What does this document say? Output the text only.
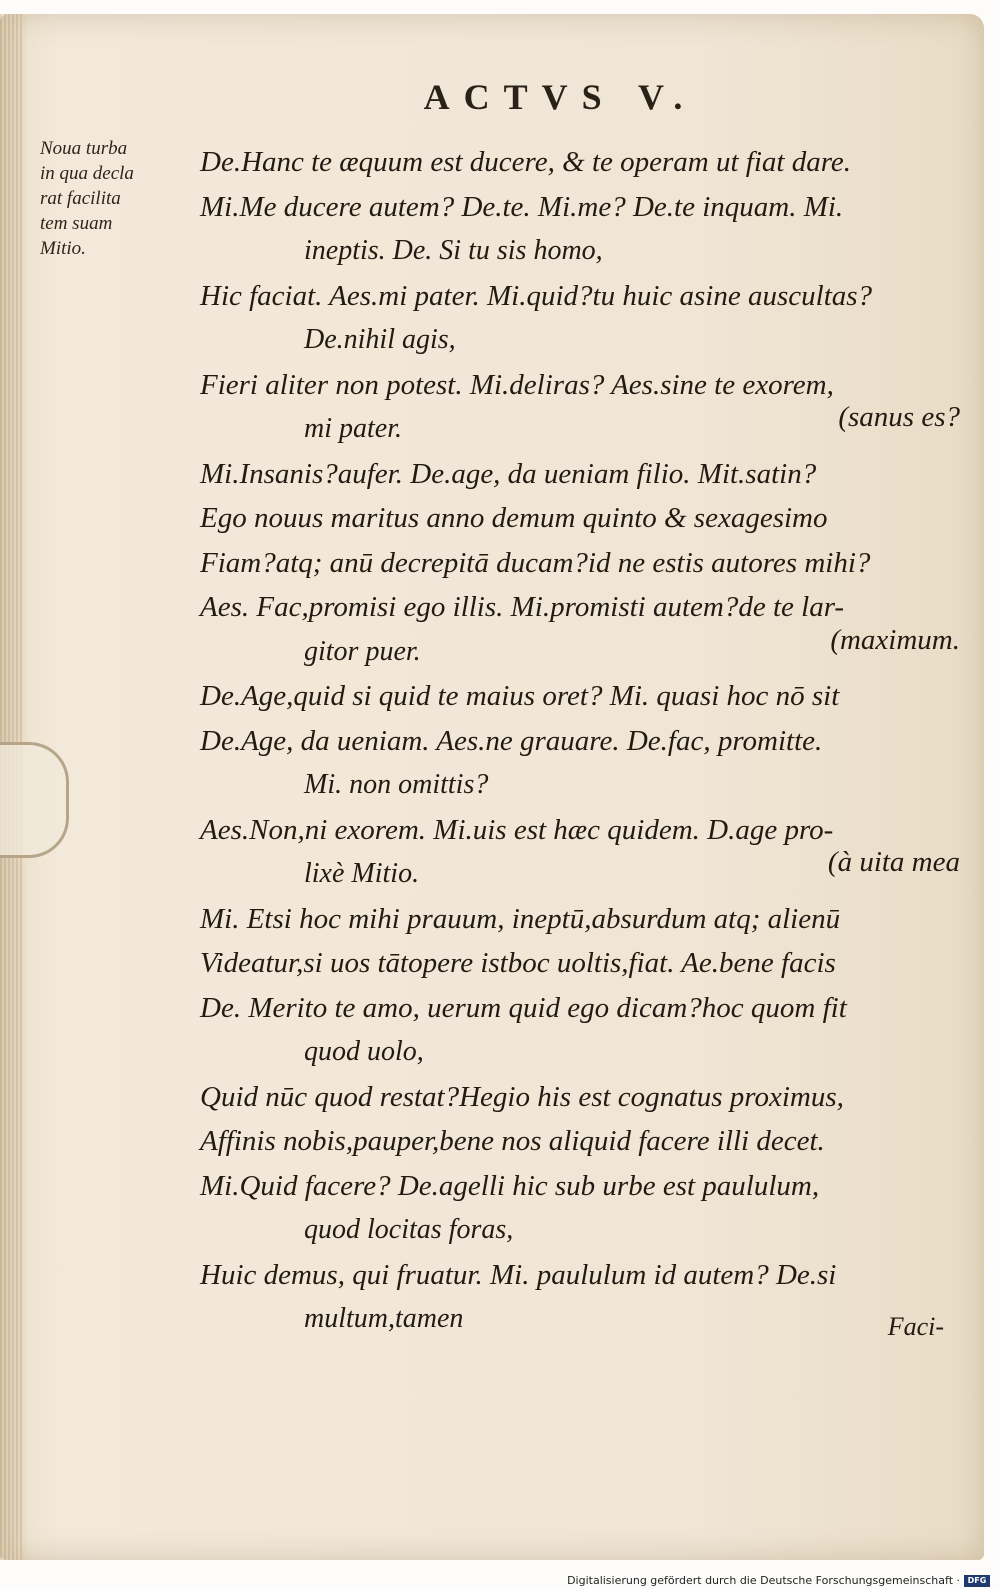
ACTVS V.
Noua turba
in qua decla
rat facilita
tem suam
Mitio.
De.Hanc te æquum est ducere, & te operam ut fiat dare.
Mi.Me ducere autem? De.te. Mi.me? De.te inquam. Mi.
ineptis. De. Si tu sis homo,
Hic faciat. Aes.mi pater. Mi.quid?tu huic asine auscultas?
De.nihil agis,
Fieri aliter non potest. Mi.deliras? Aes.sine te exorem,
mi pater.	(sanus es?
Mi.Insanis?aufer. De.age, da ueniam filio. Mit.satin?
Ego nouus maritus anno demum quinto & sexagesimo
Fiam?atq; anū decrepitā ducam?id ne estis autores mihi?
Aes. Fac,promisi ego illis. Mi.promisti autem?de te lar-
gitor puer.	(maximum.
De.Age,quid si quid te maius oret? Mi. quasi hoc nō sit
De.Age, da ueniam. Aes.ne grauare. De.fac, promitte.
Mi. non omittis?
Aes.Non,ni exorem. Mi.uis est hæc quidem. D.age pro-
lixè Mitio.	(à uita mea
Mi. Etsi hoc mihi prauum, ineptū,absurdum atq; alienū
Videatur,si uos tātopere istboc uoltis,fiat. Ae.bene facis
De. Merito te amo, uerum quid ego dicam?hoc quom fit
quod uolo,
Quid nūc quod restat?Hegio his est cognatus proximus,
Affinis nobis,pauper,bene nos aliquid facere illi decet.
Mi.Quid facere? De.agelli hic sub urbe est paululum,
quod locitas foras,
Huic demus, qui fruatur. Mi. paululum id autem? De.si
multum,tamen	Faci-
Digitalisierung gefördert durch die Deutsche Forschungsgemeinschaft · DFG
